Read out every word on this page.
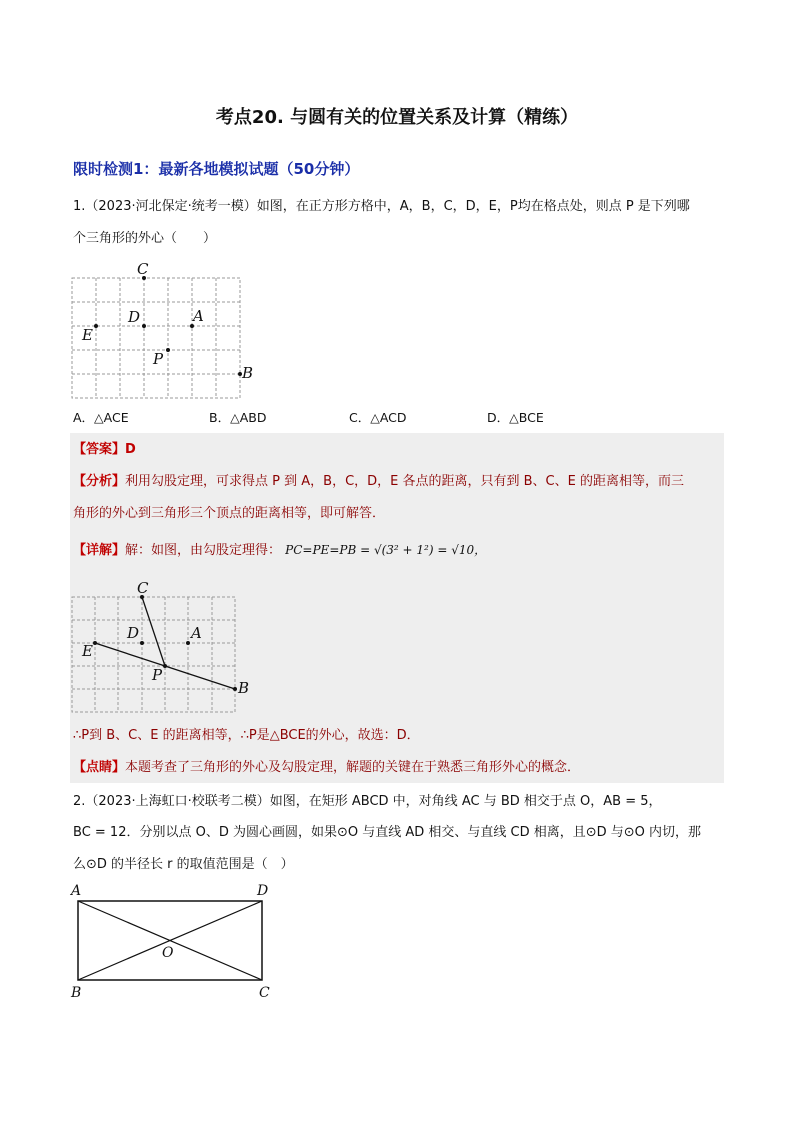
考点20. 与圆有关的位置关系及计算（精练）
限时检测1：最新各地模拟试题（50分钟）
1.（2023·河北保定·统考一模）如图，在正方形方格中，A，B，C，D，E，P均在格点处，则点 P 是下列哪
个三角形的外心（　　）
C
D	A
E
P
B
A．△ACE	B．△ABD	C．△ACD	D．△BCE
【答案】D
【分析】利用勾股定理，可求得点 P 到 A，B，C，D，E 各点的距离，只有到 B、C、E 的距离相等，而三
角形的外心到三角形三个顶点的距离相等，即可解答．
【详解】解：如图，由勾股定理得： PC=PE=PB = √(3² + 1²) = √10，
C
D	A
E
P
B
∴P到 B、C、E 的距离相等，∴P是△BCE的外心，故选：D．
【点睛】本题考查了三角形的外心及勾股定理，解题的关键在于熟悉三角形外心的概念．
2.（2023·上海虹口·校联考二模）如图，在矩形 ABCD 中，对角线 AC 与 BD 相交于点 O，AB = 5，
BC = 12．分别以点 O、D 为圆心画圆，如果⊙O 与直线 AD 相交、与直线 CD 相离，且⊙D 与⊙O 内切，那
么⊙D 的半径长 r 的取值范围是（　）
A	D
O
B	C
